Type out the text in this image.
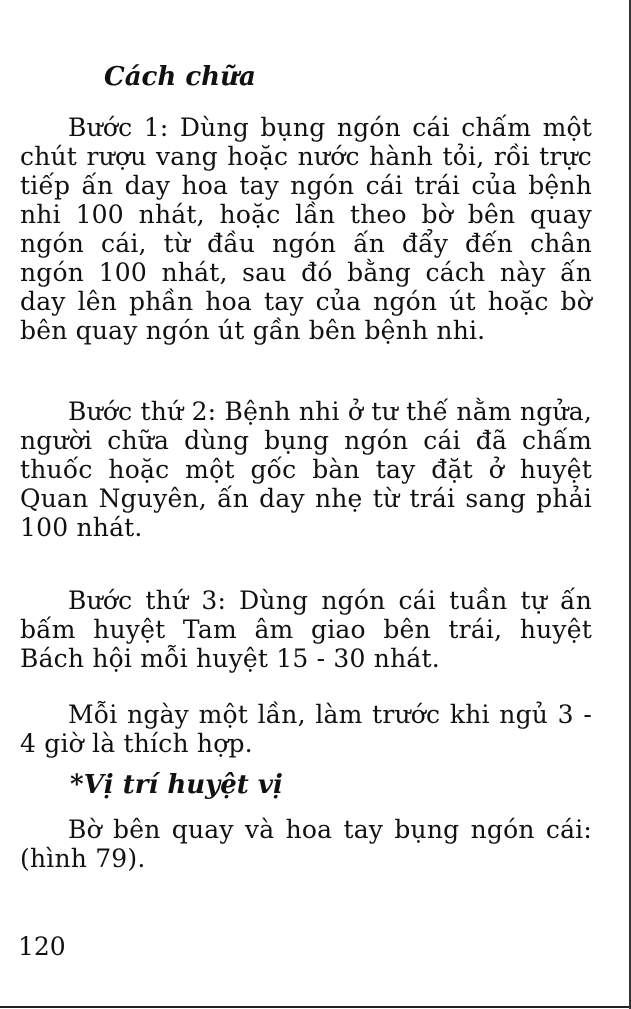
Cách chữa

Bước 1: Dùng bụng ngón cái chấm một chút rượu vang hoặc nước hành tỏi, rồi trực tiếp ấn day hoa tay ngón cái trái của bệnh nhi 100 nhát, hoặc lần theo bờ bên quay ngón cái, từ đầu ngón ấn đẩy đến chân ngón 100 nhát, sau đó bằng cách này ấn day lên phần hoa tay của ngón út hoặc bờ bên quay ngón út gần bên bệnh nhi.

Bước thứ 2: Bệnh nhi ở tư thế nằm ngửa, người chữa dùng bụng ngón cái đã chấm thuốc hoặc một gốc bàn tay đặt ở huyệt Quan Nguyên, ấn day nhẹ từ trái sang phải 100 nhát.

Bước thứ 3: Dùng ngón cái tuần tự ấn bấm huyệt Tam âm giao bên trái, huyệt Bách hội mỗi huyệt 15 - 30 nhát.

Mỗi ngày một lần, làm trước khi ngủ 3 - 4 giờ là thích hợp.

*Vị trí huyệt vị

Bờ bên quay và hoa tay bụng ngón cái: (hình 79).

120
